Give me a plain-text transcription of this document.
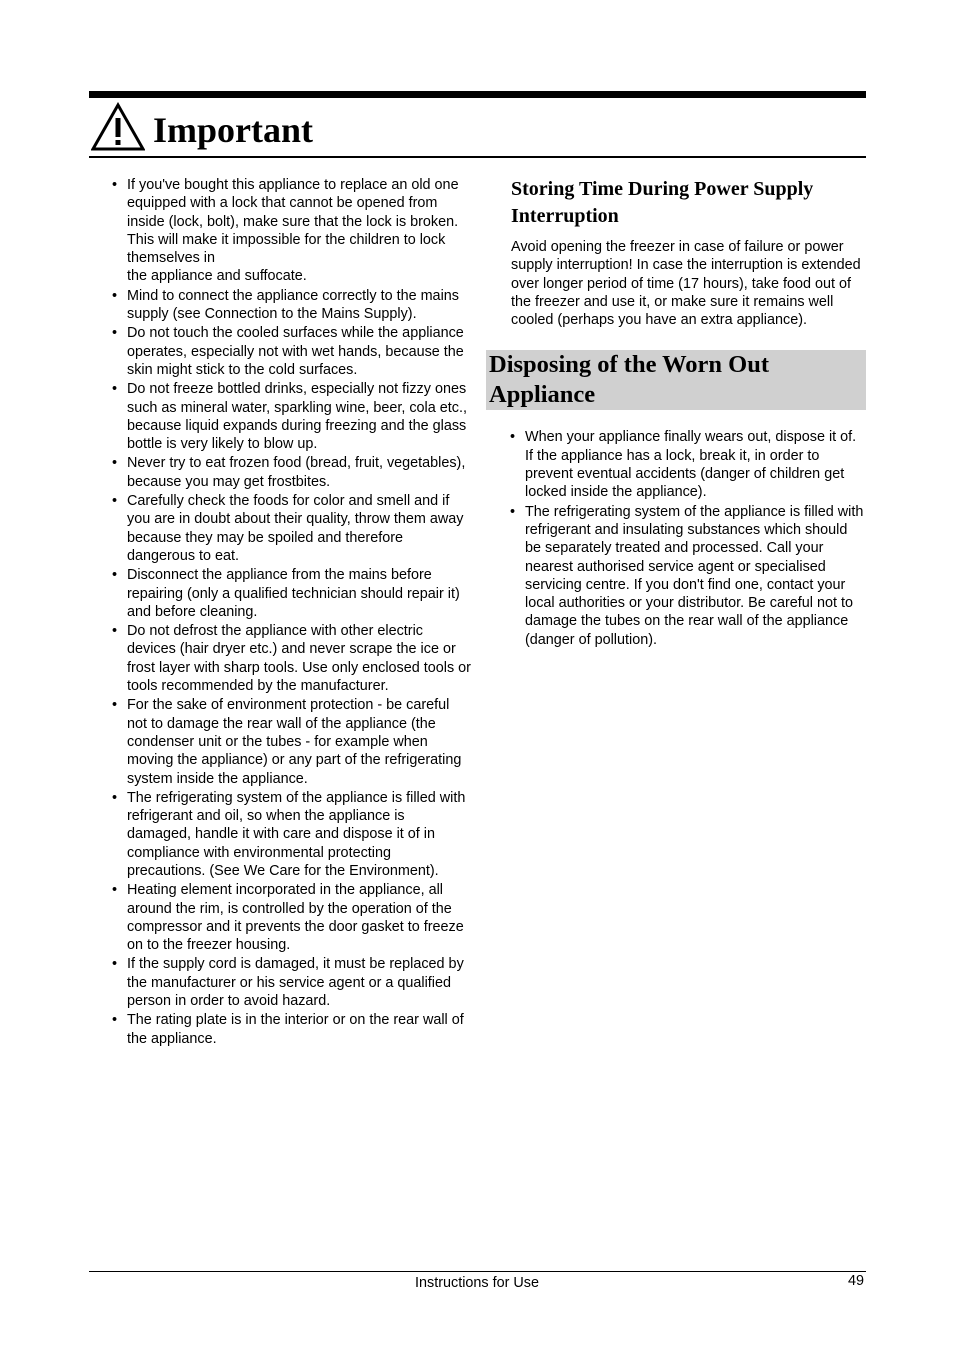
Important
• If you've bought this appliance to replace an old one equipped with a lock that cannot be opened from inside (lock, bolt), make sure that the lock is broken. This will make it impossible for the children to lock themselves in
the appliance and suffocate.
• Mind to connect the appliance correctly to the mains supply (see Connection to the Mains Supply).
• Do not touch the cooled surfaces while the appliance operates, especially not with wet hands, because the skin might stick to the cold surfaces.
• Do not freeze bottled drinks, especially not fizzy ones such as mineral water, sparkling wine, beer, cola etc., because liquid expands during freezing and the glass bottle is very likely to blow up.
• Never try to eat frozen food (bread, fruit, vegetables), because you may get frostbites.
• Carefully check the foods for color and smell and if you are in doubt about their quality, throw them away because they may be spoiled and therefore dangerous to eat.
• Disconnect the appliance from the mains before repairing (only a qualified technician should repair it) and before cleaning.
• Do not defrost the appliance with other electric devices (hair dryer etc.) and never scrape the ice or frost layer with sharp tools. Use only enclosed tools or tools recommended by the manufacturer.
• For the sake of environment protection - be careful not to damage the rear wall of the appliance (the condenser unit or the tubes - for example when moving the appliance) or any part of the refrigerating system inside the appliance.
• The refrigerating system of the appliance is filled with refrigerant and oil, so when the appliance is damaged, handle it with care and dispose it of in compliance with environmental protecting precautions. (See We Care for the Environment).
• Heating element incorporated in the appliance, all around the rim, is controlled by the operation of the compressor and it prevents the door gasket to freeze on to the freezer housing.
• If the supply cord is damaged, it must be replaced by the manufacturer or his service agent or a qualified person in order to avoid hazard.
• The rating plate is in the interior or on the rear wall of the appliance.
Storing Time During Power Supply Interruption

Avoid opening the freezer in case of failure or power supply interruption! In case the interruption is extended over longer period of time (17 hours), take food out of the freezer and use it, or make sure it remains well cooled (perhaps you have an extra appliance).

Disposing of the Worn Out Appliance
• When your appliance finally wears out, dispose it of. If the appliance has a lock, break it, in order to prevent eventual accidents (danger of children get locked inside the appliance).
• The refrigerating system of the appliance is filled with refrigerant and insulating substances which should be separately treated and processed. Call your nearest authorised service agent or specialised servicing centre. If you don't find one, contact your local authorities or your distributor. Be careful not to damage the tubes on the rear wall of the appliance (danger of pollution).
Instructions for Use	49
